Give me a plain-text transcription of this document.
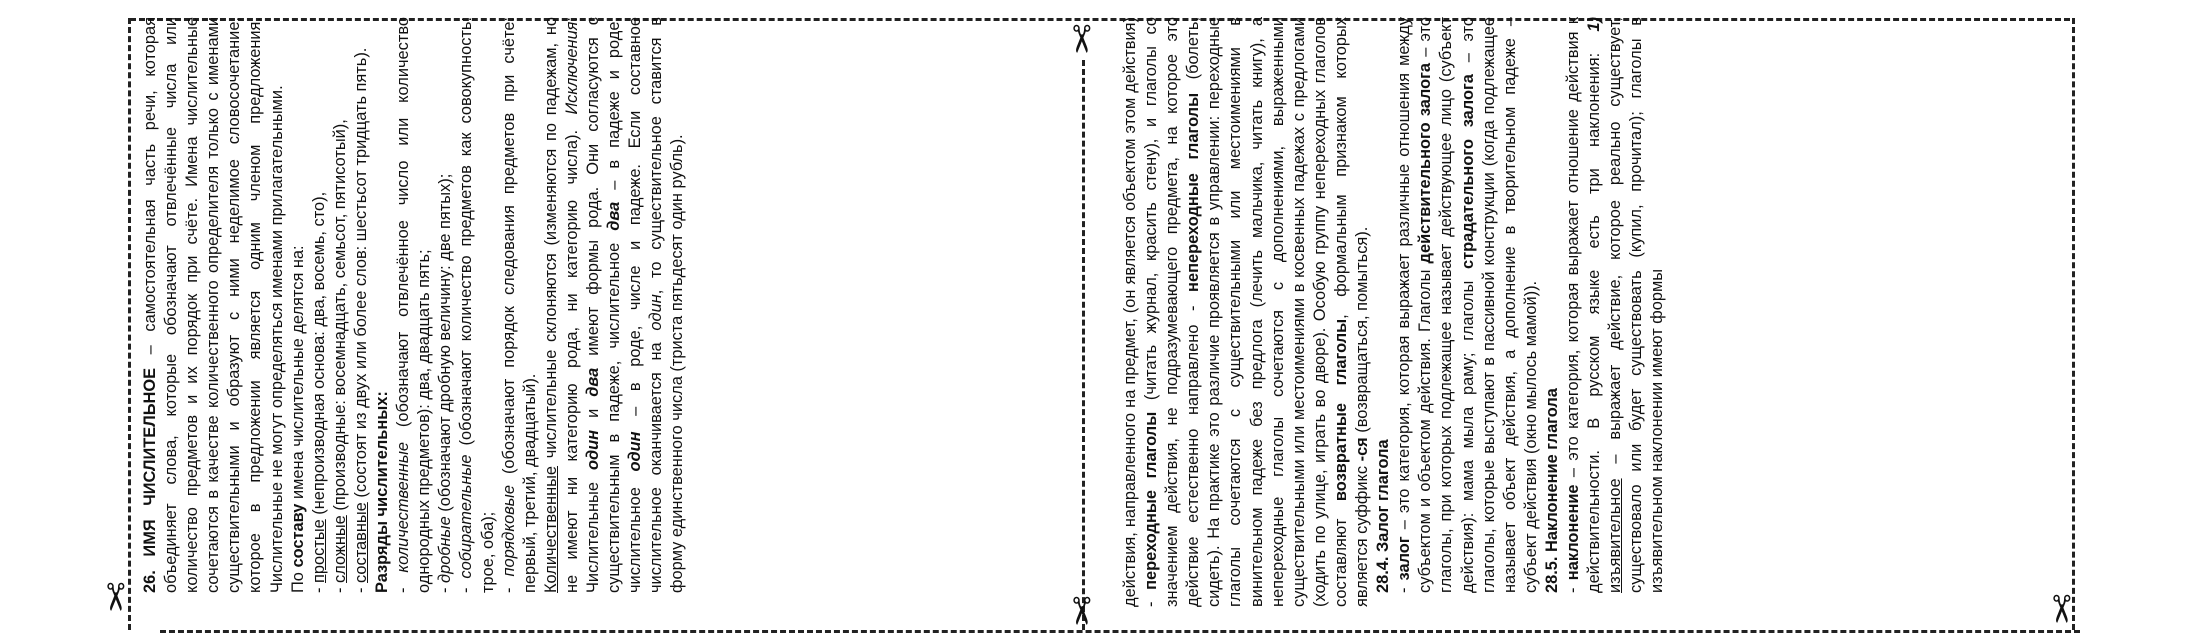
✂
✂
✂	✂

26. ИМЯ ЧИСЛИТЕЛЬНОЕ – самостоятельная часть речи, которая объединяет слова, которые обозначают отвлечённые числа или количество предметов и их порядок при счёте. Имена числительные сочетаются в качестве количественного определителя только с именами существительными и образуют с ними неделимое словосочетание, которое в предложении является одним членом предложения. Числительные не могут определяться именами прилагательными. По составу имена числительные делятся на:

- простые (непроизводная основа: два, восемь, сто),

- сложные (производные: восемнадцать, семьсот, пятисотый),

- составные (состоят из двух или более слов: шестьсот тридцать пять). Разряды числительных: - количественные (обозначают отвлечённое число или количество однородных предметов): два, двадцать пять; - дробные (обозначают дробную величину: две пятых);

- собирательные (обозначают количество предметов как совокупность: трое, оба); - порядковые (обозначают порядок следования предметов при счёте: первый, третий, двадцатый). Количественные числительные склоняются (изменяются по падежам, но не имеют ни категорию рода, ни категорию числа). Исключения: Числительные один и два имеют формы рода. Они согласуются с существительным в падеже, числительное два – в падеже и роде, числительное один – в роде, числе и падеже. Если составное числительное оканчивается на один, то существительное ставится в форму единственного числа (триста пятьдесят один рубль).	действия, направленного на предмет, (он является объектом этом действия) - переходные глаголы (читать журнал, красить стену), и глаголы со значением действия, не подразумевающего предмета, на которое это действие естественно направлено - непереходные глаголы (болеть, сидеть). На практике это различие проявляется в управлении: переходные глаголы сочетаются с существительными или местоимениями в винительном падеже без предлога (лечить мальчика, читать книгу), а непереходные глаголы сочетаются с дополнениями, выраженными существительными или местоимениями в косвенных падежах с предлогами (ходить по улице, играть во дворе). Особую группу непереходных глаголов составляют возвратные глаголы, формальным признаком которых является суффикс -ся (возвращаться, помыться).

28.4. Залог глагола - залог – это категория, которая выражает различные отношения между субъектом и объектом действия. Глаголы действительного залога – это глаголы, при которых подлежащее называет действующее лицо (субъект действия): мама мыла раму; глаголы страдательного залога – это глаголы, которые выступают в пассивной конструкции (когда подлежащее называет объект действия, а дополнение в творительном падеже – субъект действия (окно мылось мамой)). 28.5. Наклонение глагола - наклонение – это категория, которая выражает отношение действия к действительности. В русском языке есть три наклонения: 1) изъявительное – выражает действие, которое реально существует, существовало или будет существовать (купил, прочитал); глаголы в изъявительном наклонении имеют формы
